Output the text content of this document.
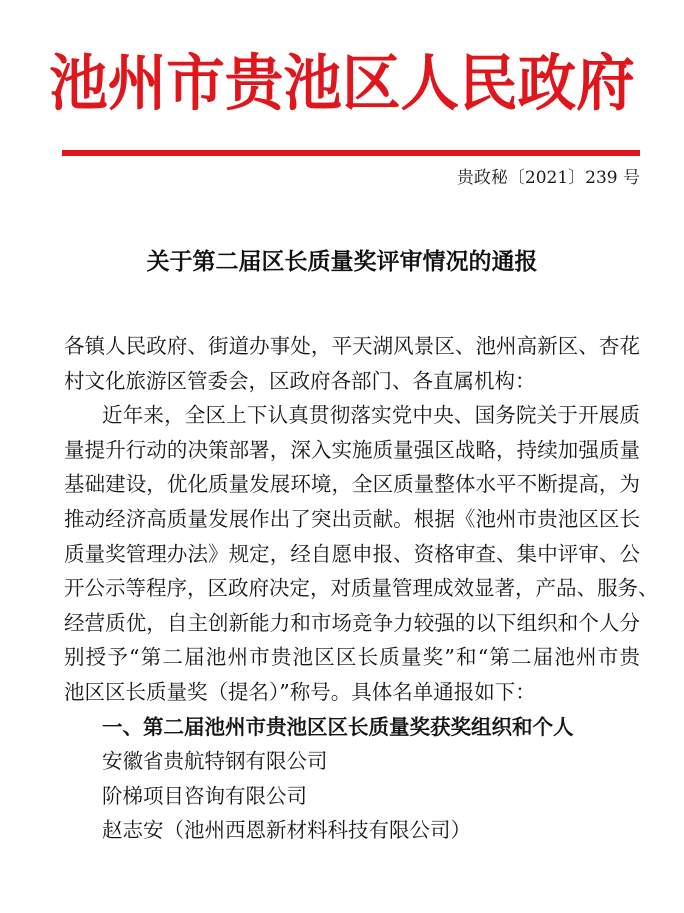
池州市贵池区人民政府
贵政秘〔2021〕239 号
关于第二届区长质量奖评审情况的通报
各镇人民政府、街道办事处，平天湖风景区、池州高新区、杏花
村文化旅游区管委会，区政府各部门、各直属机构：
近年来，全区上下认真贯彻落实党中央、国务院关于开展质
量提升行动的决策部署，深入实施质量强区战略，持续加强质量
基础建设，优化质量发展环境，全区质量整体水平不断提高，为
推动经济高质量发展作出了突出贡献。根据《池州市贵池区区长
质量奖管理办法》规定，经自愿申报、资格审查、集中评审、公
开公示等程序，区政府决定，对质量管理成效显著，产品、服务、
经营质优，自主创新能力和市场竞争力较强的以下组织和个人分
别授予“第二届池州市贵池区区长质量奖”和“第二届池州市贵
池区区长质量奖（提名）”称号。具体名单通报如下：
一、第二届池州市贵池区区长质量奖获奖组织和个人
安徽省贵航特钢有限公司
阶梯项目咨询有限公司
赵志安（池州西恩新材料科技有限公司）
